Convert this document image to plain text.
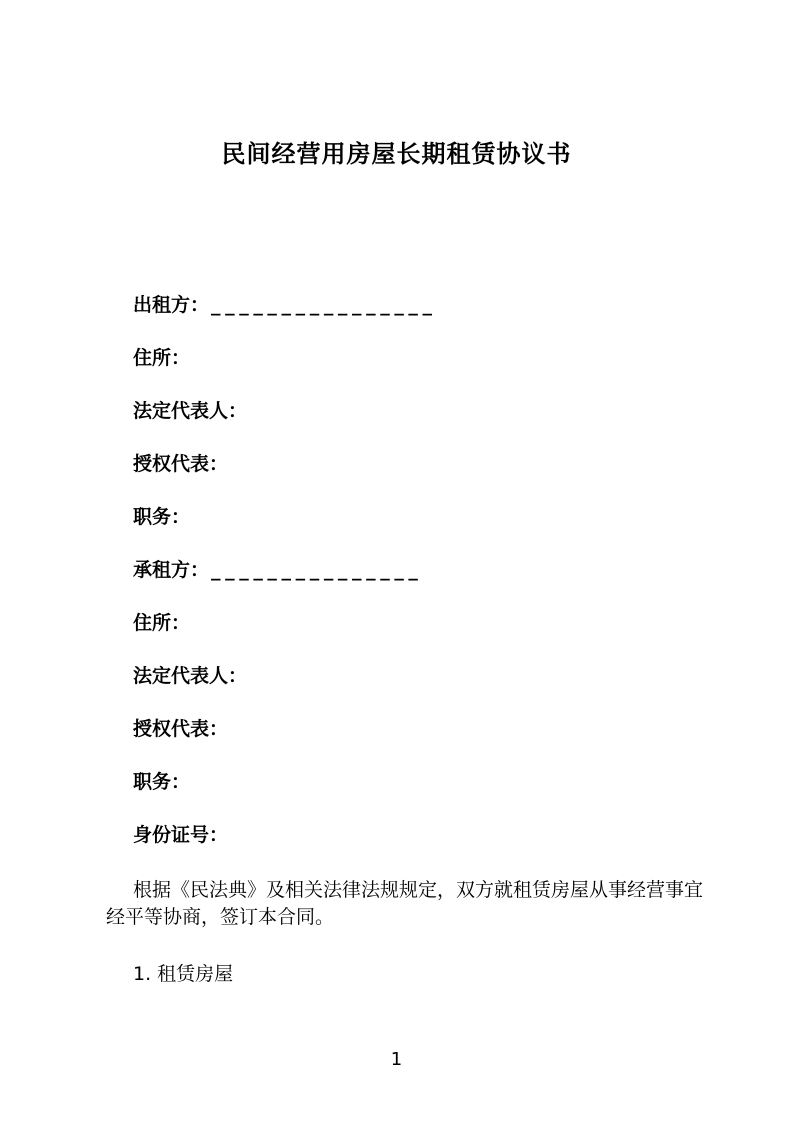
民间经营用房屋长期租赁协议书
出租方： ________________
住所：
法定代表人：
授权代表：
职务：
承租方： _______________
住所：
法定代表人：
授权代表：
职务：
身份证号：

根据《民法典》及相关法律法规规定，双方就租赁房屋从事经营事宜经平等协商，签订本合同。

1. 租赁房屋
1
